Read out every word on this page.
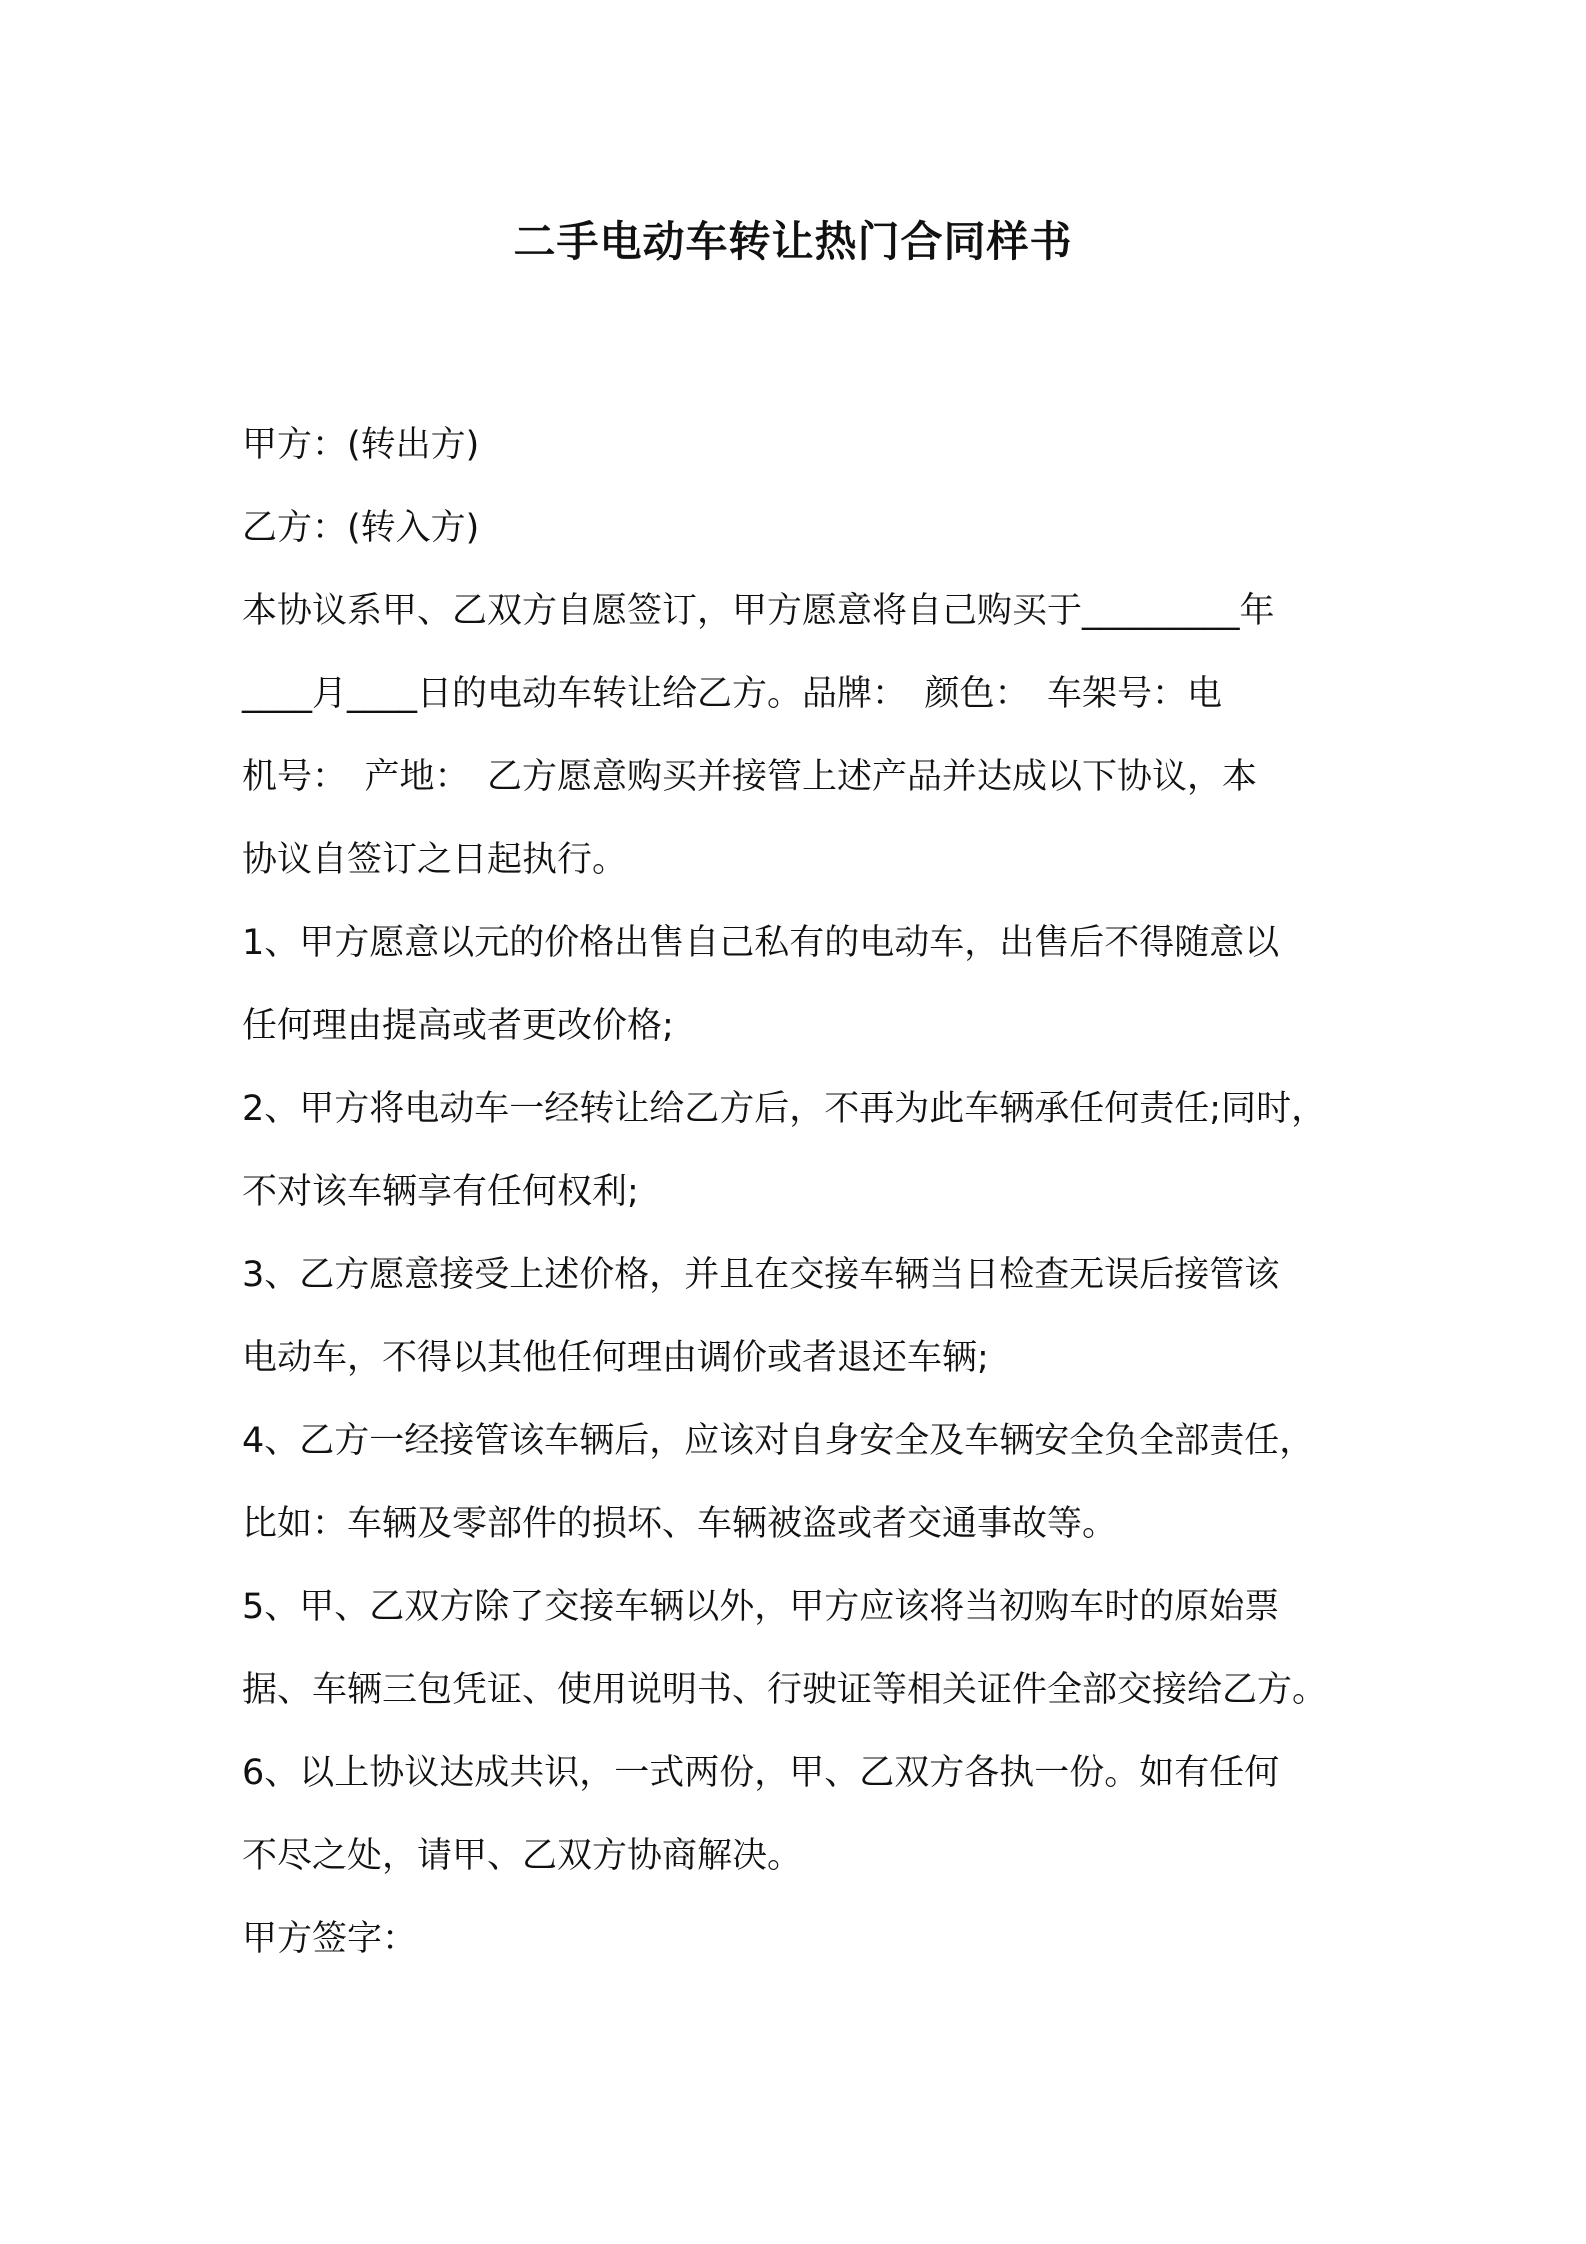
二手电动车转让热门合同样书
甲方：(转出方)
乙方：(转入方)
本协议系甲、乙双方自愿签订，甲方愿意将自己购买于_________年
____月____日的电动车转让给乙方。品牌：　颜色：　车架号：电
机号：　产地：　乙方愿意购买并接管上述产品并达成以下协议，本
协议自签订之日起执行。
1、甲方愿意以元的价格出售自己私有的电动车，出售后不得随意以
任何理由提高或者更改价格;
2、甲方将电动车一经转让给乙方后，不再为此车辆承任何责任;同时，
不对该车辆享有任何权利;
3、乙方愿意接受上述价格，并且在交接车辆当日检查无误后接管该
电动车，不得以其他任何理由调价或者退还车辆;
4、乙方一经接管该车辆后，应该对自身安全及车辆安全负全部责任，
比如：车辆及零部件的损坏、车辆被盗或者交通事故等。
5、甲、乙双方除了交接车辆以外，甲方应该将当初购车时的原始票
据、车辆三包凭证、使用说明书、行驶证等相关证件全部交接给乙方。
6、以上协议达成共识，一式两份，甲、乙双方各执一份。如有任何
不尽之处，请甲、乙双方协商解决。
甲方签字：
